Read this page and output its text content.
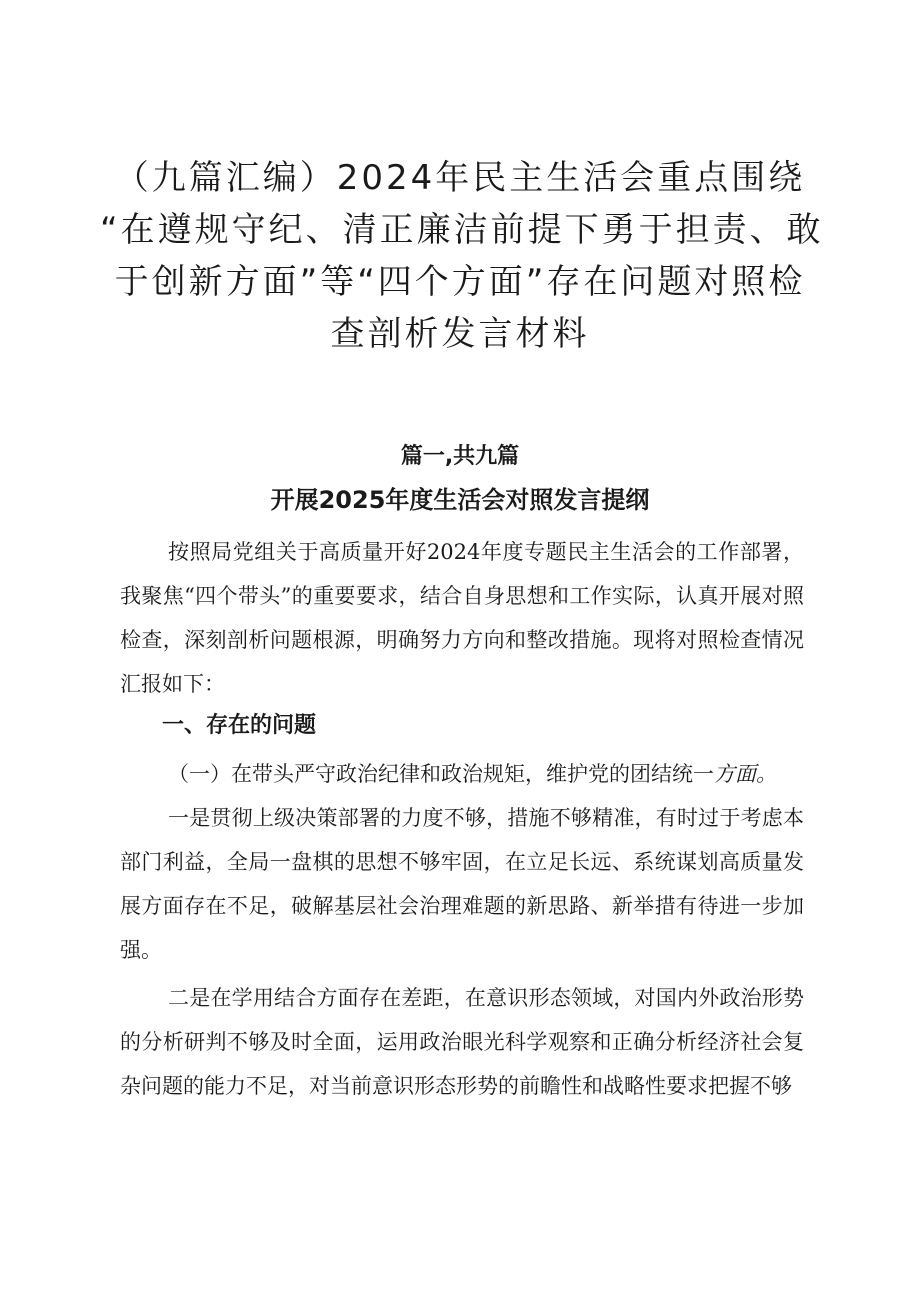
（九篇汇编）2024年民主生活会重点围绕
“在遵规守纪、清正廉洁前提下勇于担责、敢
于创新方面”等“四个方面”存在问题对照检
查剖析发言材料

篇一,共九篇

开展2025年度生活会对照发言提纲

按照局党组关于高质量开好2024年度专题民主生活会的工作部署，我聚焦“四个带头”的重要要求，结合自身思想和工作实际，认真开展对照检查，深刻剖析问题根源，明确努力方向和整改措施。现将对照检查情况汇报如下：

一、存在的问题

（一）在带头严守政治纪律和政治规矩，维护党的团结统一方面。

一是贯彻上级决策部署的力度不够，措施不够精准，有时过于考虑本部门利益，全局一盘棋的思想不够牢固，在立足长远、系统谋划高质量发展方面存在不足，破解基层社会治理难题的新思路、新举措有待进一步加强。

二是在学用结合方面存在差距，在意识形态领域，对国内外政治形势的分析研判不够及时全面，运用政治眼光科学观察和正确分析经济社会复杂问题的能力不足，对当前意识形态形势的前瞻性和战略性要求把握不够
